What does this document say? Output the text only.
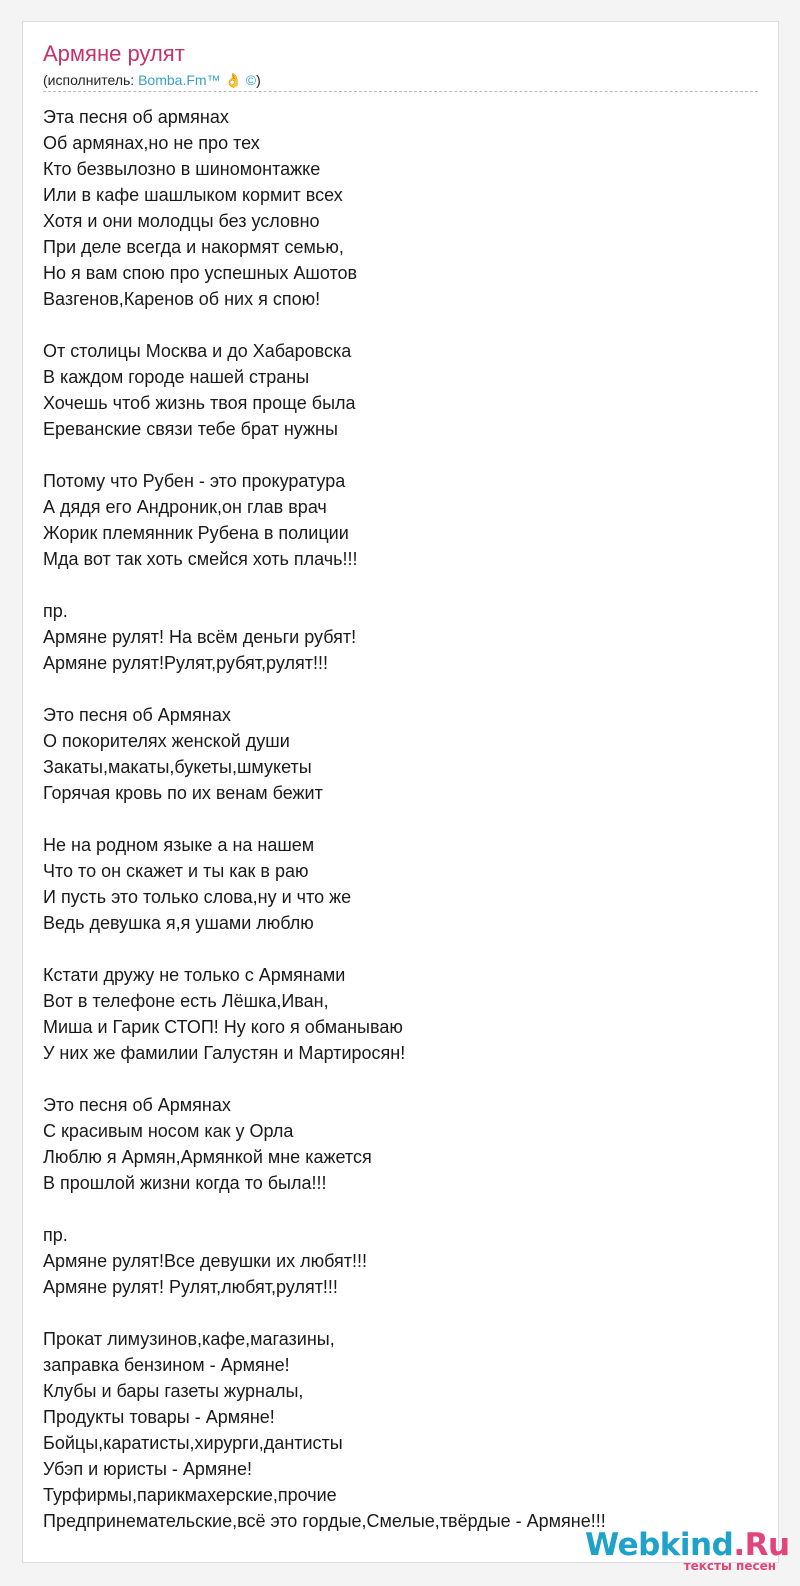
Армяне рулят
(исполнитель: Bomba.Fm™ 👌 ©)
Эта песня об армянах
Об армянах,но не про тех
Кто безвылозно в шиномонтажке
Или в кафе шашлыком кормит всех
Хотя и они молодцы без условно
При деле всегда и накормят семью,
Но я вам спою про успешных Ашотов
Вазгенов,Каренов об них я спою!
От столицы Москва и до Хабаровска
В каждом городе нашей страны
Хочешь чтоб жизнь твоя проще была
Ереванские связи тебе брат нужны
Потому что Рубен - это прокуратура
А дядя его Андроник,он глав врач
Жорик племянник Рубена в полиции
Мда вот так хоть смейся хоть плачь!!!
пр.
Армяне рулят! На всём деньги рубят!
Армяне рулят!Рулят,рубят,рулят!!!
Это песня об Армянах
О покорителях женской души
Закаты,макаты,букеты,шмукеты
Горячая кровь по их венам бежит
Не на родном языке а на нашем
Что то он скажет и ты как в раю
И пусть это только слова,ну и что же
Ведь девушка я,я ушами люблю
Кстати дружу не только с Армянами
Вот в телефоне есть Лёшка,Иван,
Миша и Гарик СТОП! Ну кого я обманываю
У них же фамилии Галустян и Мартиросян!
Это песня об Армянах
С красивым носом как у Орла
Люблю я Армян,Армянкой мне кажется
В прошлой жизни когда то была!!!
пр.
Армяне рулят!Все девушки их любят!!!
Армяне рулят! Рулят,любят,рулят!!!
Прокат лимузинов,кафе,магазины,
заправка бензином - Армяне!
Клубы и бары газеты журналы,
Продукты товары - Армяне!
Бойцы,каратисты,хирурги,дантисты
Убэп и юристы - Армяне!
Турфирмы,парикмахерские,прочие
Предпринемательские,всё это гордые,Смелые,твёрдые - Армяне!!!
Webkind.Ru
тексты песен
